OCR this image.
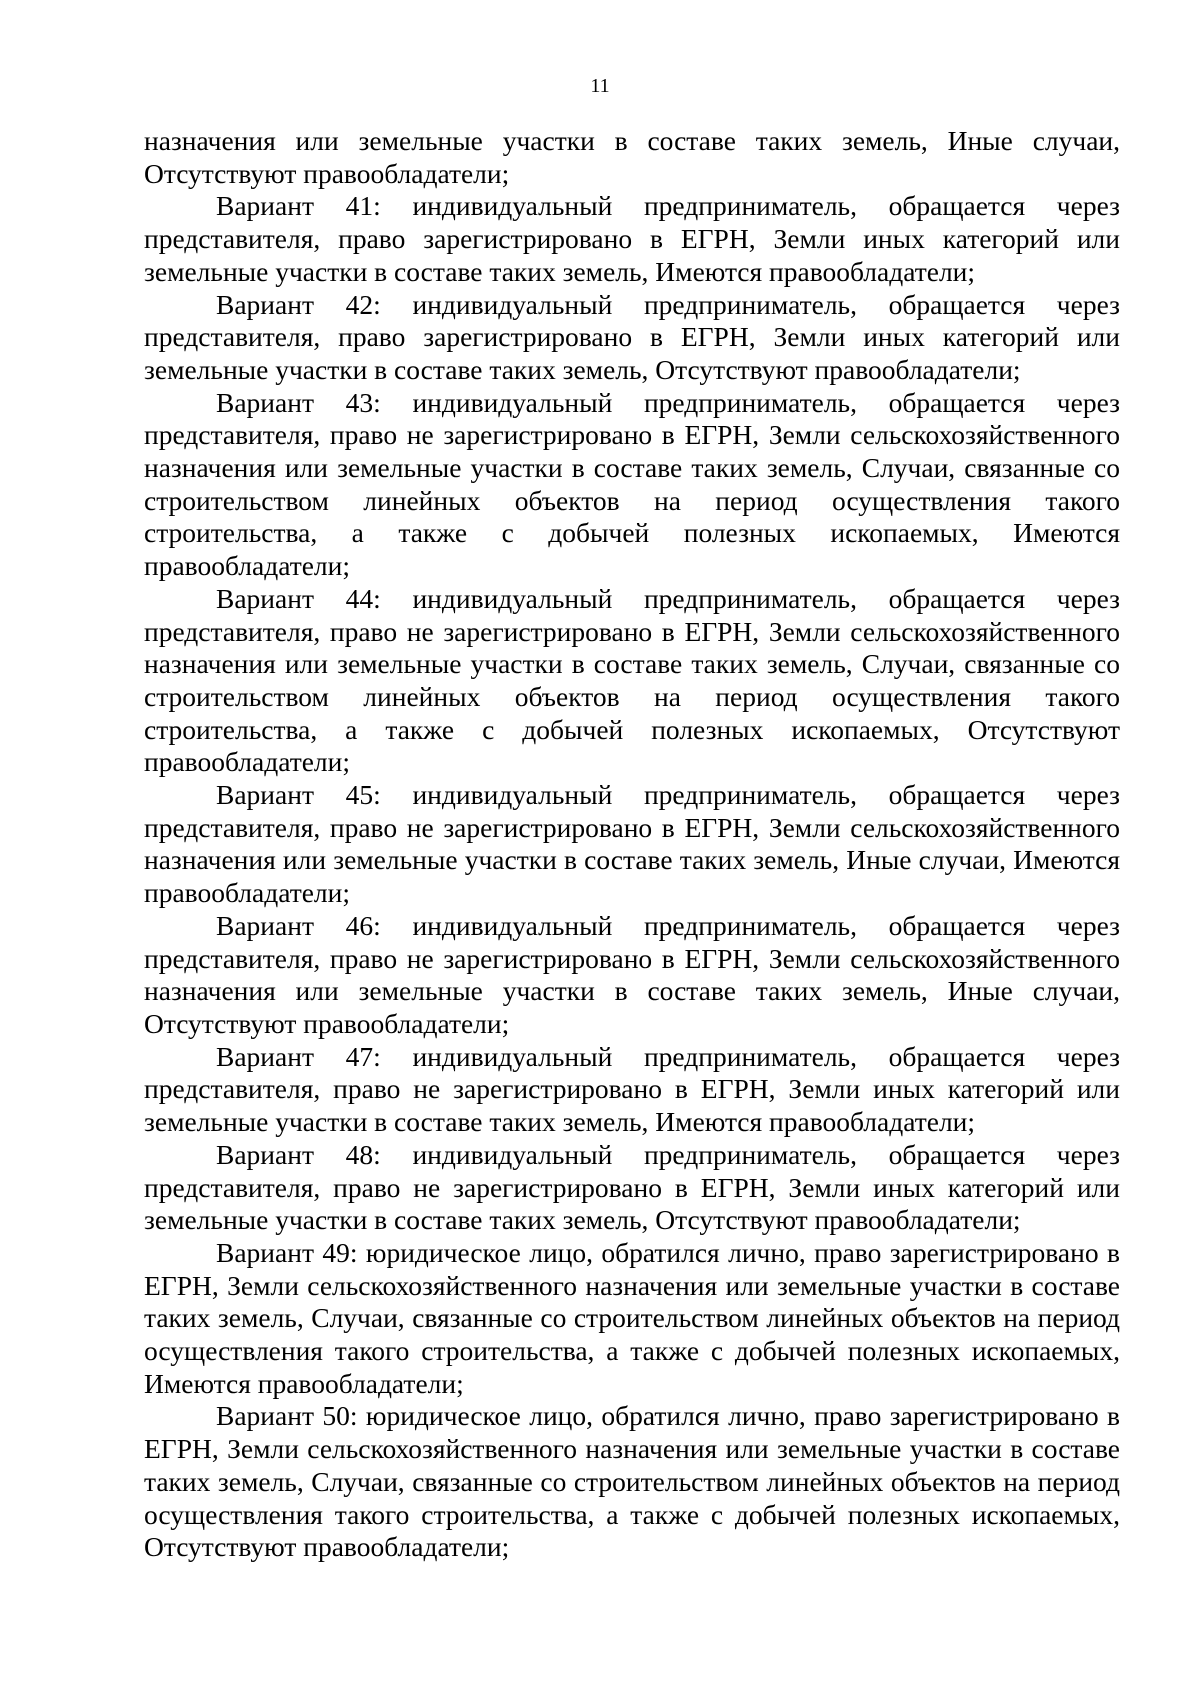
11

назначения или земельные участки в составе таких земель, Иные случаи, Отсутствуют правообладатели;

Вариант 41: индивидуальный предприниматель, обращается через представителя, право зарегистрировано в ЕГРН, Земли иных категорий или земельные участки в составе таких земель, Имеются правообладатели;

Вариант 42: индивидуальный предприниматель, обращается через представителя, право зарегистрировано в ЕГРН, Земли иных категорий или земельные участки в составе таких земель, Отсутствуют правообладатели;

Вариант 43: индивидуальный предприниматель, обращается через представителя, право не зарегистрировано в ЕГРН, Земли сельскохозяйственного назначения или земельные участки в составе таких земель, Случаи, связанные со строительством линейных объектов на период осуществления такого строительства, а также с добычей полезных ископаемых, Имеются правообладатели;

Вариант 44: индивидуальный предприниматель, обращается через представителя, право не зарегистрировано в ЕГРН, Земли сельскохозяйственного назначения или земельные участки в составе таких земель, Случаи, связанные со строительством линейных объектов на период осуществления такого строительства, а также с добычей полезных ископаемых, Отсутствуют правообладатели;

Вариант 45: индивидуальный предприниматель, обращается через представителя, право не зарегистрировано в ЕГРН, Земли сельскохозяйственного назначения или земельные участки в составе таких земель, Иные случаи, Имеются правообладатели;

Вариант 46: индивидуальный предприниматель, обращается через представителя, право не зарегистрировано в ЕГРН, Земли сельскохозяйственного назначения или земельные участки в составе таких земель, Иные случаи, Отсутствуют правообладатели;

Вариант 47: индивидуальный предприниматель, обращается через представителя, право не зарегистрировано в ЕГРН, Земли иных категорий или земельные участки в составе таких земель, Имеются правообладатели;

Вариант 48: индивидуальный предприниматель, обращается через представителя, право не зарегистрировано в ЕГРН, Земли иных категорий или земельные участки в составе таких земель, Отсутствуют правообладатели;

Вариант 49: юридическое лицо, обратился лично, право зарегистрировано в ЕГРН, Земли сельскохозяйственного назначения или земельные участки в составе таких земель, Случаи, связанные со строительством линейных объектов на период осуществления такого строительства, а также с добычей полезных ископаемых, Имеются правообладатели;

Вариант 50: юридическое лицо, обратился лично, право зарегистрировано в ЕГРН, Земли сельскохозяйственного назначения или земельные участки в составе таких земель, Случаи, связанные со строительством линейных объектов на период осуществления такого строительства, а также с добычей полезных ископаемых, Отсутствуют правообладатели;
